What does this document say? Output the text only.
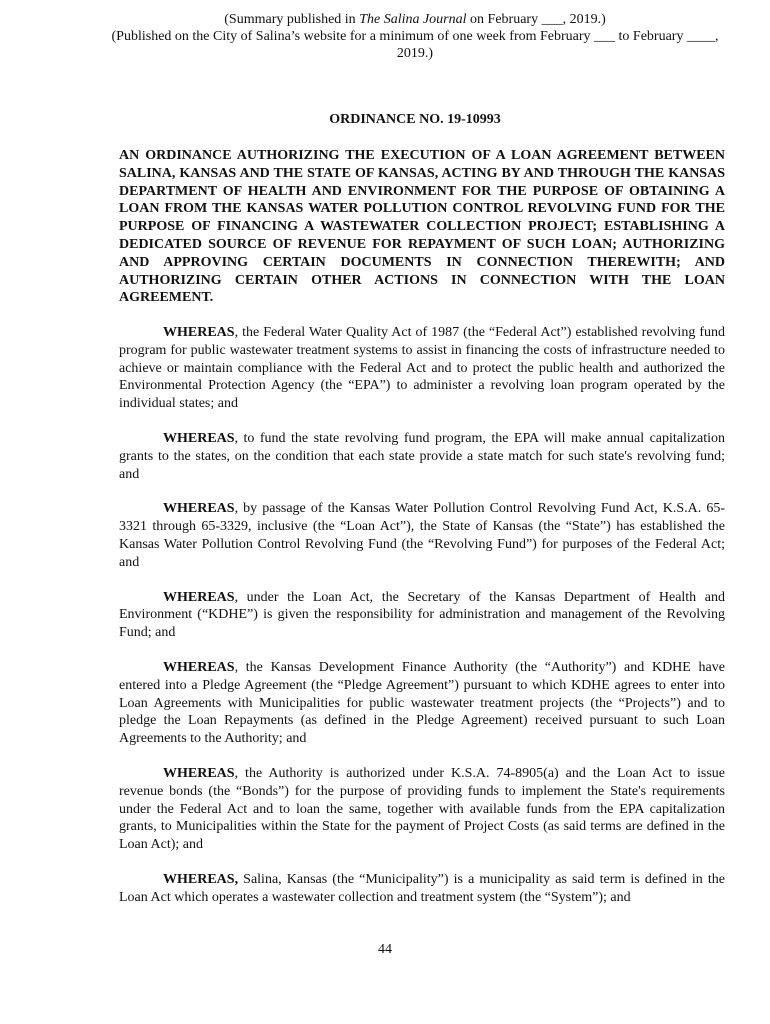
(Summary published in The Salina Journal on February ___, 2019.)
(Published on the City of Salina’s website for a minimum of one week from February ___ to February ____, 2019.)
ORDINANCE NO. 19-10993
AN ORDINANCE AUTHORIZING THE EXECUTION OF A LOAN AGREEMENT BETWEEN SALINA, KANSAS AND THE STATE OF KANSAS, ACTING BY AND THROUGH THE KANSAS DEPARTMENT OF HEALTH AND ENVIRONMENT FOR THE PURPOSE OF OBTAINING A LOAN FROM THE KANSAS WATER POLLUTION CONTROL REVOLVING FUND FOR THE PURPOSE OF FINANCING A WASTEWATER COLLECTION PROJECT; ESTABLISHING A DEDICATED SOURCE OF REVENUE FOR REPAYMENT OF SUCH LOAN; AUTHORIZING AND APPROVING CERTAIN DOCUMENTS IN CONNECTION THEREWITH; AND AUTHORIZING CERTAIN OTHER ACTIONS IN CONNECTION WITH THE LOAN AGREEMENT.

WHEREAS, the Federal Water Quality Act of 1987 (the “Federal Act”) established revolving fund program for public wastewater treatment systems to assist in financing the costs of infrastructure needed to achieve or maintain compliance with the Federal Act and to protect the public health and authorized the Environmental Protection Agency (the “EPA”) to administer a revolving loan program operated by the individual states; and

WHEREAS, to fund the state revolving fund program, the EPA will make annual capitalization grants to the states, on the condition that each state provide a state match for such state's revolving fund; and

WHEREAS, by passage of the Kansas Water Pollution Control Revolving Fund Act, K.S.A. 65-3321 through 65-3329, inclusive (the “Loan Act”), the State of Kansas (the “State”) has established the Kansas Water Pollution Control Revolving Fund (the “Revolving Fund”) for purposes of the Federal Act; and

WHEREAS, under the Loan Act, the Secretary of the Kansas Department of Health and Environment (“KDHE”) is given the responsibility for administration and management of the Revolving Fund; and

WHEREAS, the Kansas Development Finance Authority (the “Authority”) and KDHE have entered into a Pledge Agreement (the “Pledge Agreement”) pursuant to which KDHE agrees to enter into Loan Agreements with Municipalities for public wastewater treatment projects (the “Projects”) and to pledge the Loan Repayments (as defined in the Pledge Agreement) received pursuant to such Loan Agreements to the Authority; and

WHEREAS, the Authority is authorized under K.S.A. 74-8905(a) and the Loan Act to issue revenue bonds (the “Bonds”) for the purpose of providing funds to implement the State's requirements under the Federal Act and to loan the same, together with available funds from the EPA capitalization grants, to Municipalities within the State for the payment of Project Costs (as said terms are defined in the Loan Act); and

WHEREAS, Salina, Kansas (the “Municipality”) is a municipality as said term is defined in the Loan Act which operates a wastewater collection and treatment system (the “System”); and

44
